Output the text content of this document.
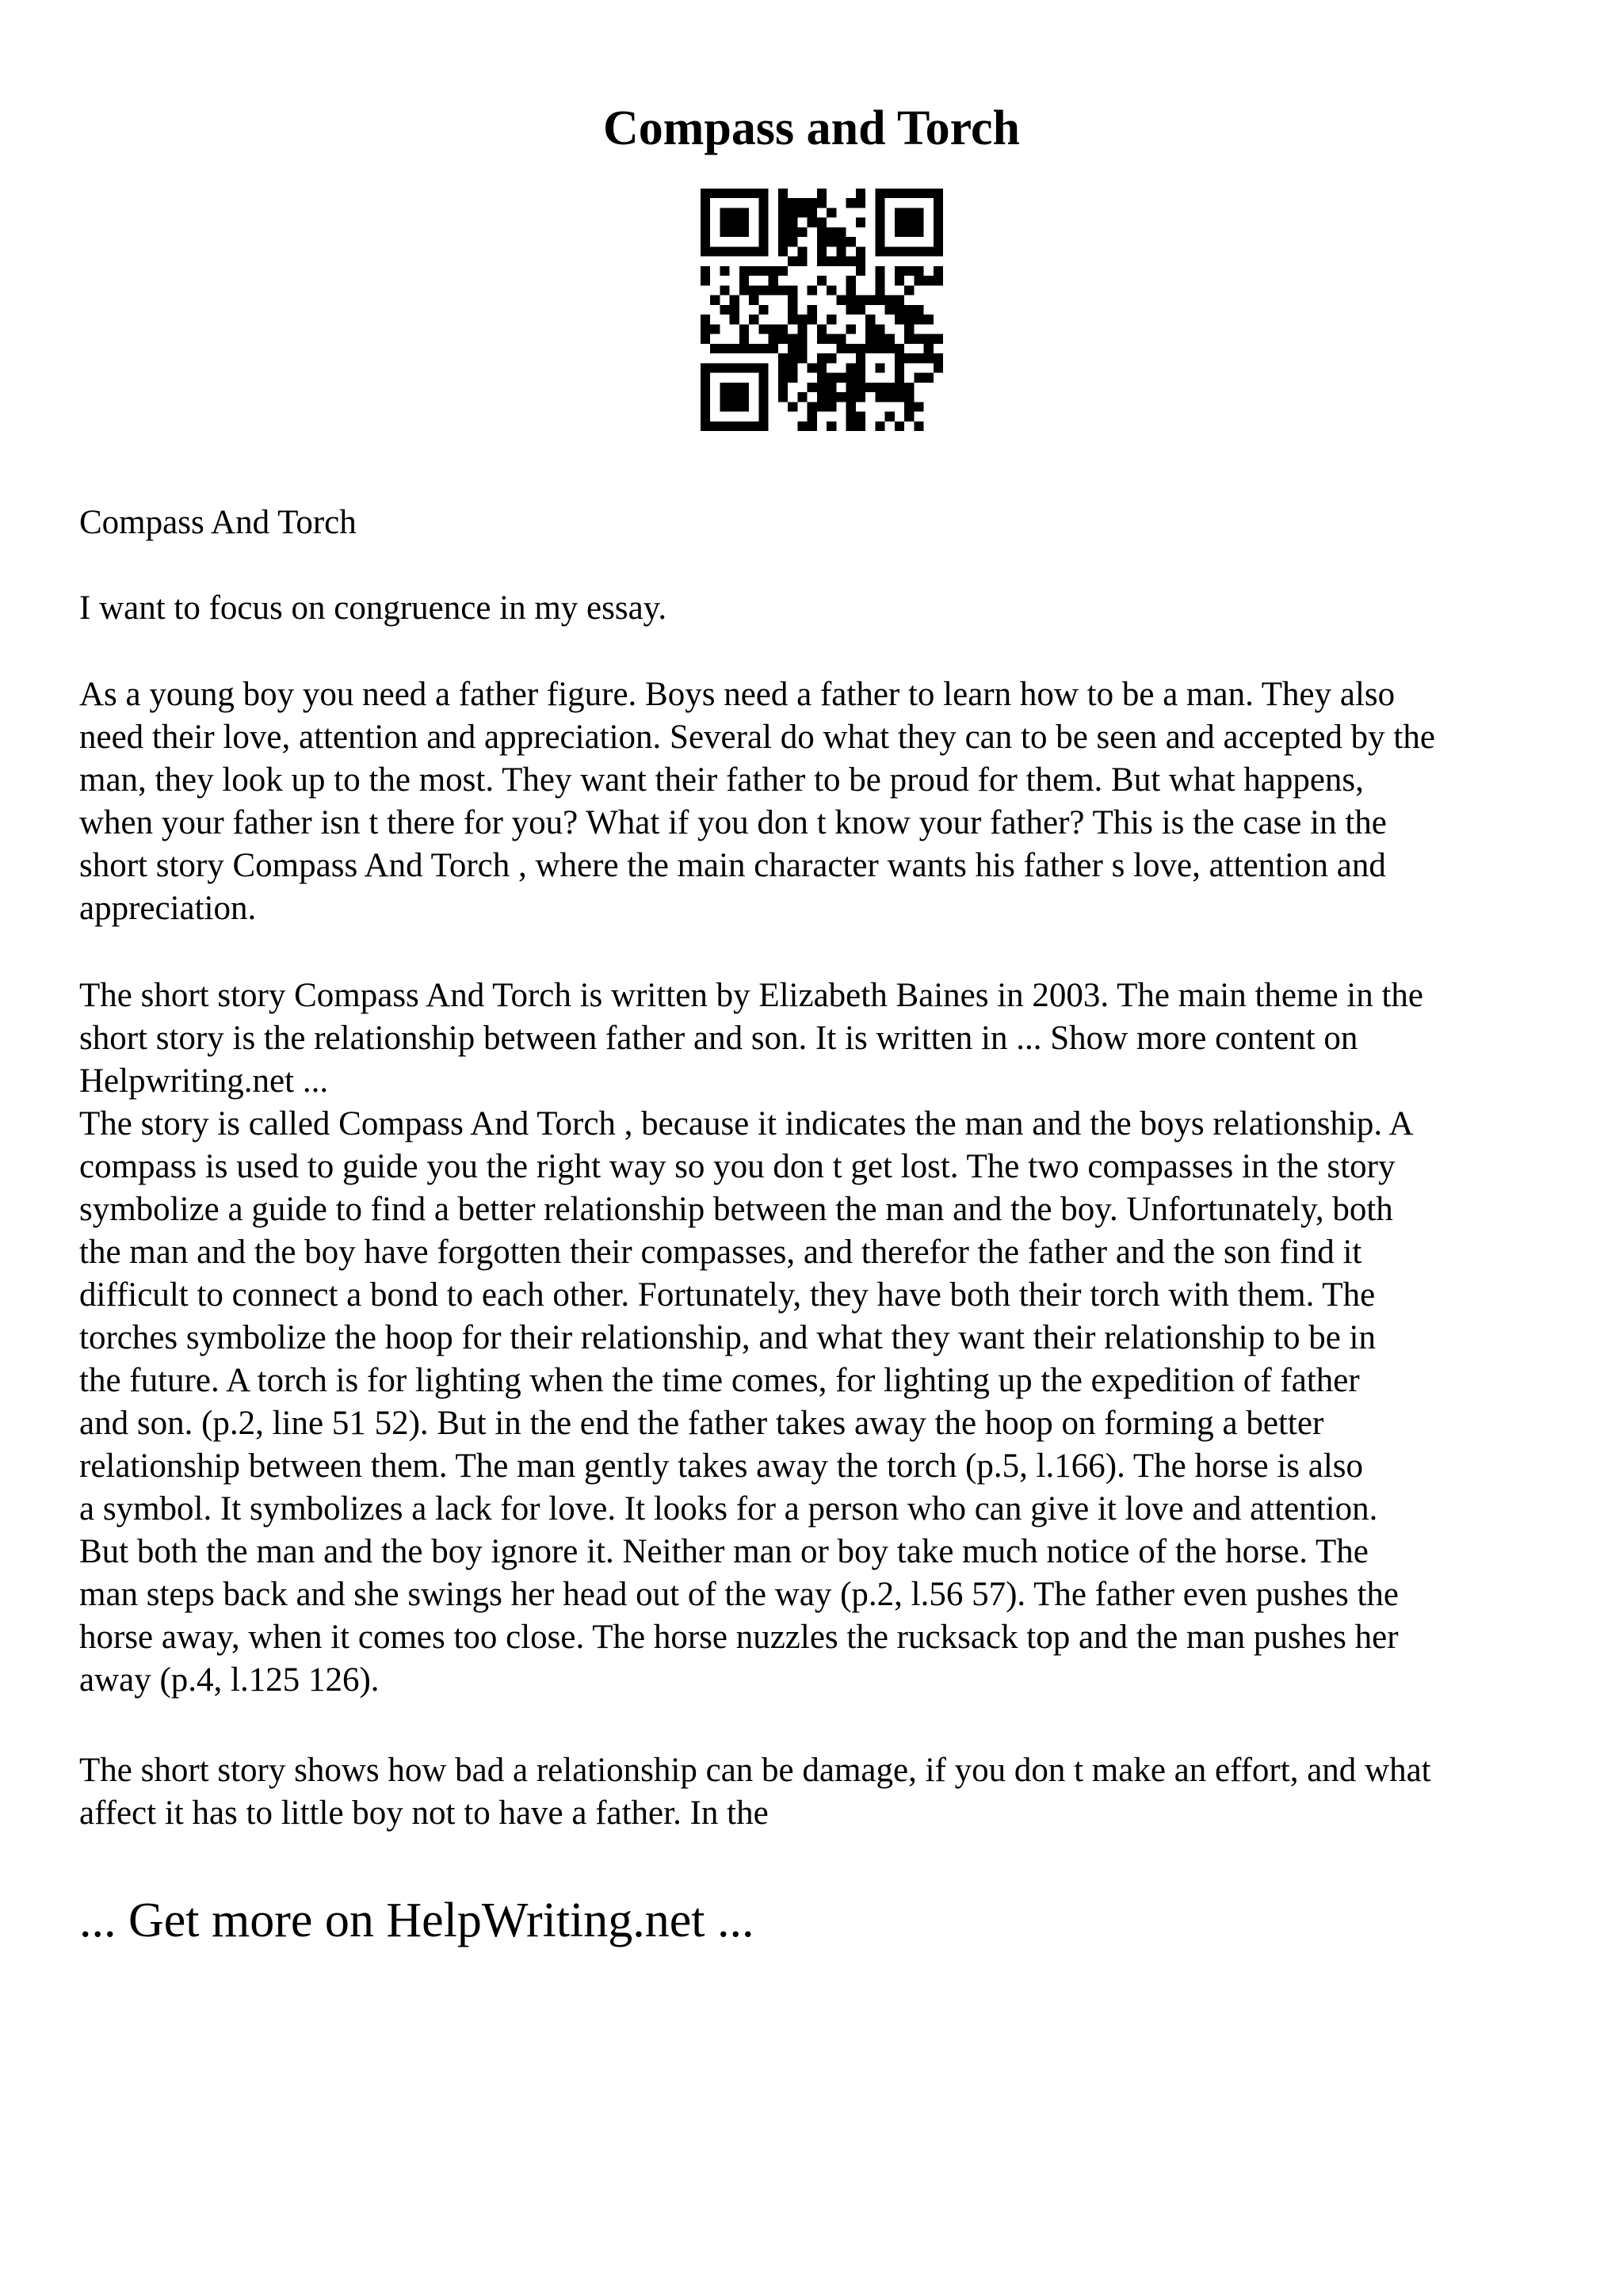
Compass and Torch

Compass And Torch

I want to focus on congruence in my essay.

As a young boy you need a father figure. Boys need a father to learn how to be a man. They also
need their love, attention and appreciation. Several do what they can to be seen and accepted by the
man, they look up to the most. They want their father to be proud for them. But what happens,
when your father isn t there for you? What if you don t know your father? This is the case in the
short story Compass And Torch , where the main character wants his father s love, attention and
appreciation.

The short story Compass And Torch is written by Elizabeth Baines in 2003. The main theme in the
short story is the relationship between father and son. It is written in ... Show more content on
Helpwriting.net ...
The story is called Compass And Torch , because it indicates the man and the boys relationship. A
compass is used to guide you the right way so you don t get lost. The two compasses in the story
symbolize a guide to find a better relationship between the man and the boy. Unfortunately, both
the man and the boy have forgotten their compasses, and therefor the father and the son find it
difficult to connect a bond to each other. Fortunately, they have both their torch with them. The
torches symbolize the hoop for their relationship, and what they want their relationship to be in
the future. A torch is for lighting when the time comes, for lighting up the expedition of father
and son. (p.2, line 51 52). But in the end the father takes away the hoop on forming a better
relationship between them. The man gently takes away the torch (p.5, l.166). The horse is also
a symbol. It symbolizes a lack for love. It looks for a person who can give it love and attention.
But both the man and the boy ignore it. Neither man or boy take much notice of the horse. The
man steps back and she swings her head out of the way (p.2, l.56 57). The father even pushes the
horse away, when it comes too close. The horse nuzzles the rucksack top and the man pushes her
away (p.4, l.125 126).

The short story shows how bad a relationship can be damage, if you don t make an effort, and what
affect it has to little boy not to have a father. In the

... Get more on HelpWriting.net ...
